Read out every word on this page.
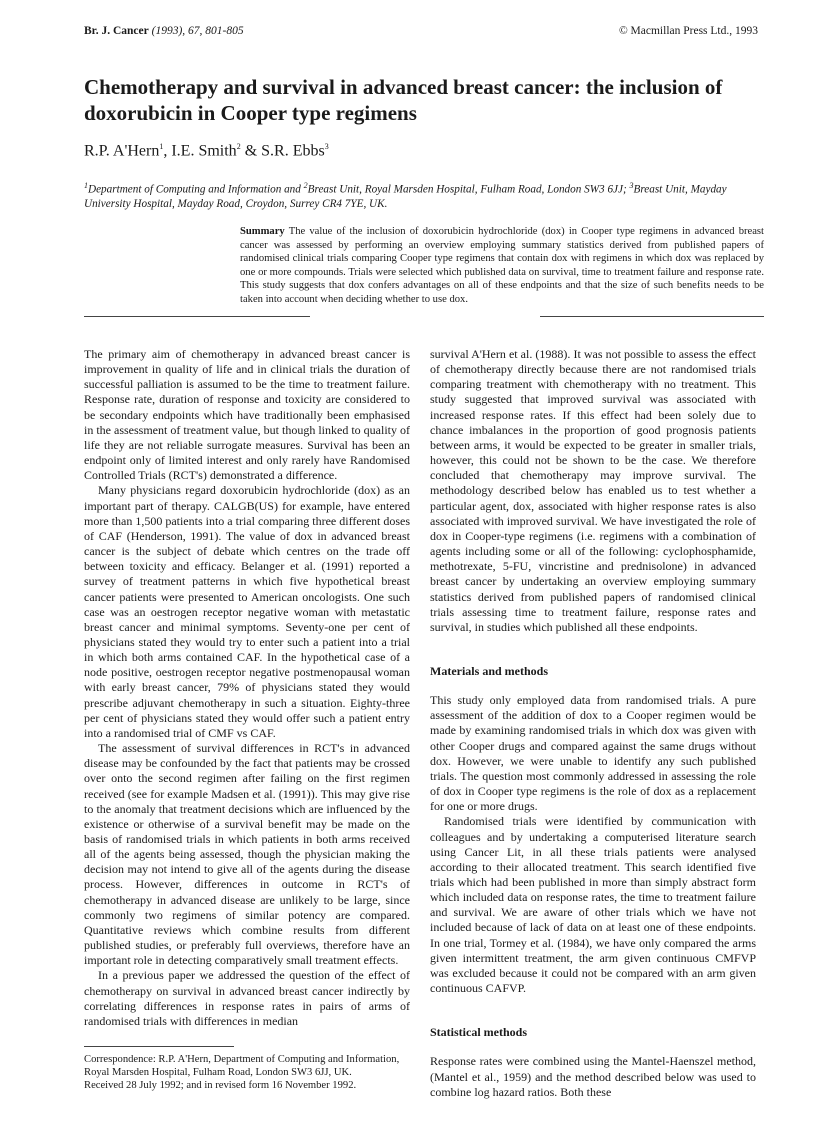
Br. J. Cancer (1993), 67, 801-805	© Macmillan Press Ltd., 1993
Chemotherapy and survival in advanced breast cancer: the inclusion of doxorubicin in Cooper type regimens
R.P. A'Hern$^1$, I.E. Smith$^2$ & S.R. Ebbs$^3$
$^1$Department of Computing and Information and $^2$Breast Unit, Royal Marsden Hospital, Fulham Road, London SW3 6JJ; $^3$Breast Unit, Mayday University Hospital, Mayday Road, Croydon, Surrey CR4 7YE, UK.
Summary The value of the inclusion of doxorubicin hydrochloride (dox) in Cooper type regimens in advanced breast cancer was assessed by performing an overview employing summary statistics derived from published papers of randomised clinical trials comparing Cooper type regimens that contain dox with regimens in which dox was replaced by one or more compounds. Trials were selected which published data on survival, time to treatment failure and response rate. This study suggests that dox confers advantages on all of these endpoints and that the size of such benefits needs to be taken into account when deciding whether to use dox.

The primary aim of chemotherapy in advanced breast cancer is improvement in quality of life and in clinical trials the duration of successful palliation is assumed to be the time to treatment failure. Response rate, duration of response and toxicity are considered to be secondary endpoints which have traditionally been emphasised in the assessment of treatment value, but though linked to quality of life they are not reliable surrogate measures. Survival has been an endpoint only of limited interest and only rarely have Randomised Controlled Trials (RCT's) demonstrated a difference.

Many physicians regard doxorubicin hydrochloride (dox) as an important part of therapy. CALGB(US) for example, have entered more than 1,500 patients into a trial comparing three different doses of CAF (Henderson, 1991). The value of dox in advanced breast cancer is the subject of debate which centres on the trade off between toxicity and efficacy. Belanger et al. (1991) reported a survey of treatment patterns in which five hypothetical breast cancer patients were presented to American oncologists. One such case was an oestrogen receptor negative woman with metastatic breast cancer and minimal symptoms. Seventy-one per cent of physicians stated they would try to enter such a patient into a trial in which both arms contained CAF. In the hypothetical case of a node positive, oestrogen receptor negative postmenopausal woman with early breast cancer, 79% of physicians stated they would prescribe adjuvant chemotherapy in such a situation. Eighty-three per cent of physicians stated they would offer such a patient entry into a randomised trial of CMF vs CAF.

The assessment of survival differences in RCT's in advanced disease may be confounded by the fact that patients may be crossed over onto the second regimen after failing on the first regimen received (see for example Madsen et al. (1991)). This may give rise to the anomaly that treatment decisions which are influenced by the existence or otherwise of a survival benefit may be made on the basis of randomised trials in which patients in both arms received all of the agents being assessed, though the physician making the decision may not intend to give all of the agents during the disease process. However, differences in outcome in RCT's of chemotherapy in advanced disease are unlikely to be large, since commonly two regimens of similar potency are compared. Quantitative reviews which combine results from different published studies, or preferably full overviews, therefore have an important role in detecting comparatively small treatment effects.

In a previous paper we addressed the question of the effect of chemotherapy on survival in advanced breast cancer indirectly by correlating differences in response rates in pairs of arms of randomised trials with differences in median

survival A'Hern et al. (1988). It was not possible to assess the effect of chemotherapy directly because there are not randomised trials comparing treatment with chemotherapy with no treatment. This study suggested that improved survival was associated with increased response rates. If this effect had been solely due to chance imbalances in the proportion of good prognosis patients between arms, it would be expected to be greater in smaller trials, however, this could not be shown to be the case. We therefore concluded that chemotherapy may improve survival. The methodology described below has enabled us to test whether a particular agent, dox, associated with higher response rates is also associated with improved survival. We have investigated the role of dox in Cooper-type regimens (i.e. regimens with a combination of agents including some or all of the following: cyclophosphamide, methotrexate, 5-FU, vincristine and prednisolone) in advanced breast cancer by undertaking an overview employing summary statistics derived from published papers of randomised clinical trials assessing time to treatment failure, response rates and survival, in studies which published all these endpoints.

Materials and methods

This study only employed data from randomised trials. A pure assessment of the addition of dox to a Cooper regimen would be made by examining randomised trials in which dox was given with other Cooper drugs and compared against the same drugs without dox. However, we were unable to identify any such published trials. The question most commonly addressed in assessing the role of dox in Cooper type regimens is the role of dox as a replacement for one or more drugs.

Randomised trials were identified by communication with colleagues and by undertaking a computerised literature search using Cancer Lit, in all these trials patients were analysed according to their allocated treatment. This search identified five trials which had been published in more than simply abstract form which included data on response rates, the time to treatment failure and survival. We are aware of other trials which we have not included because of lack of data on at least one of these endpoints. In one trial, Tormey et al. (1984), we have only compared the arms given intermittent treatment, the arm given continuous CMFVP was excluded because it could not be compared with an arm given continuous CAFVP.

Statistical methods

Response rates were combined using the Mantel-Haenszel method, (Mantel et al., 1959) and the method described below was used to combine log hazard ratios. Both these

Correspondence: R.P. A'Hern, Department of Computing and Information, Royal Marsden Hospital, Fulham Road, London SW3 6JJ, UK.
Received 28 July 1992; and in revised form 16 November 1992.
